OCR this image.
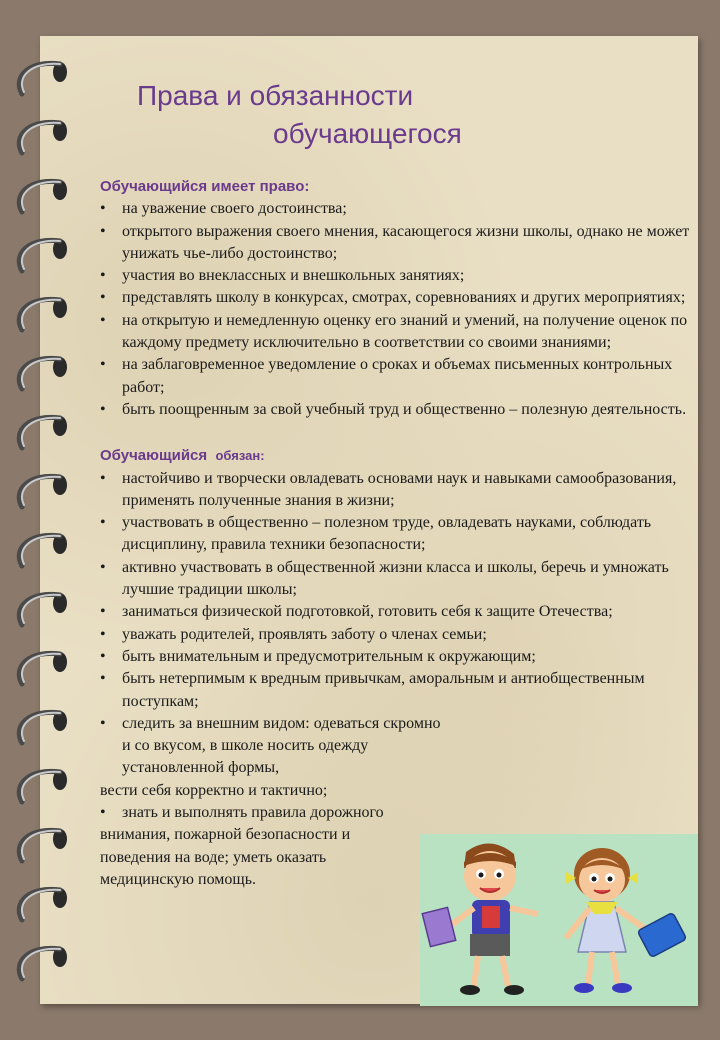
Права и обязанности
обучающегося
Обучающийся имеет право:
• на уважение своего достоинства;
• открытого выражения своего мнения, касающегося жизни школы, однако не может унижать чье-либо достоинство;
• участия во внеклассных и внешкольных занятиях;
• представлять школу в конкурсах, смотрах, соревнованиях и других мероприятиях;
• на открытую и немедленную оценку его знаний и умений, на получение оценок по каждому предмету исключительно в соответствии со своими знаниями;
• на заблаговременное уведомление о сроках и объемах письменных контрольных работ;
• быть поощренным за свой учебный труд и общественно – полезную деятельность.
Обучающийся обязан:
• настойчиво и творчески овладевать основами наук и навыками самообразования, применять полученные знания в жизни;
• участвовать в общественно – полезном труде, овладевать науками, соблюдать дисциплину, правила техники безопасности;
• активно участвовать в общественной жизни класса и школы, беречь и умножать лучшие традиции школы;
• заниматься физической подготовкой, готовить себя к защите Отечества;
• уважать родителей, проявлять заботу о членах семьи;
• быть внимательным и предусмотрительным к окружающим;
• быть нетерпимым к вредным привычкам, аморальным и антиобщественным поступкам;
• следить за внешним видом: одеваться скромно и со вкусом, в школе носить одежду установленной формы,
вести себя корректно и тактично;
• знать и выполнять правила дорожного
внимания, пожарной безопасности и
поведения на воде; уметь оказать
медицинскую помощь.
